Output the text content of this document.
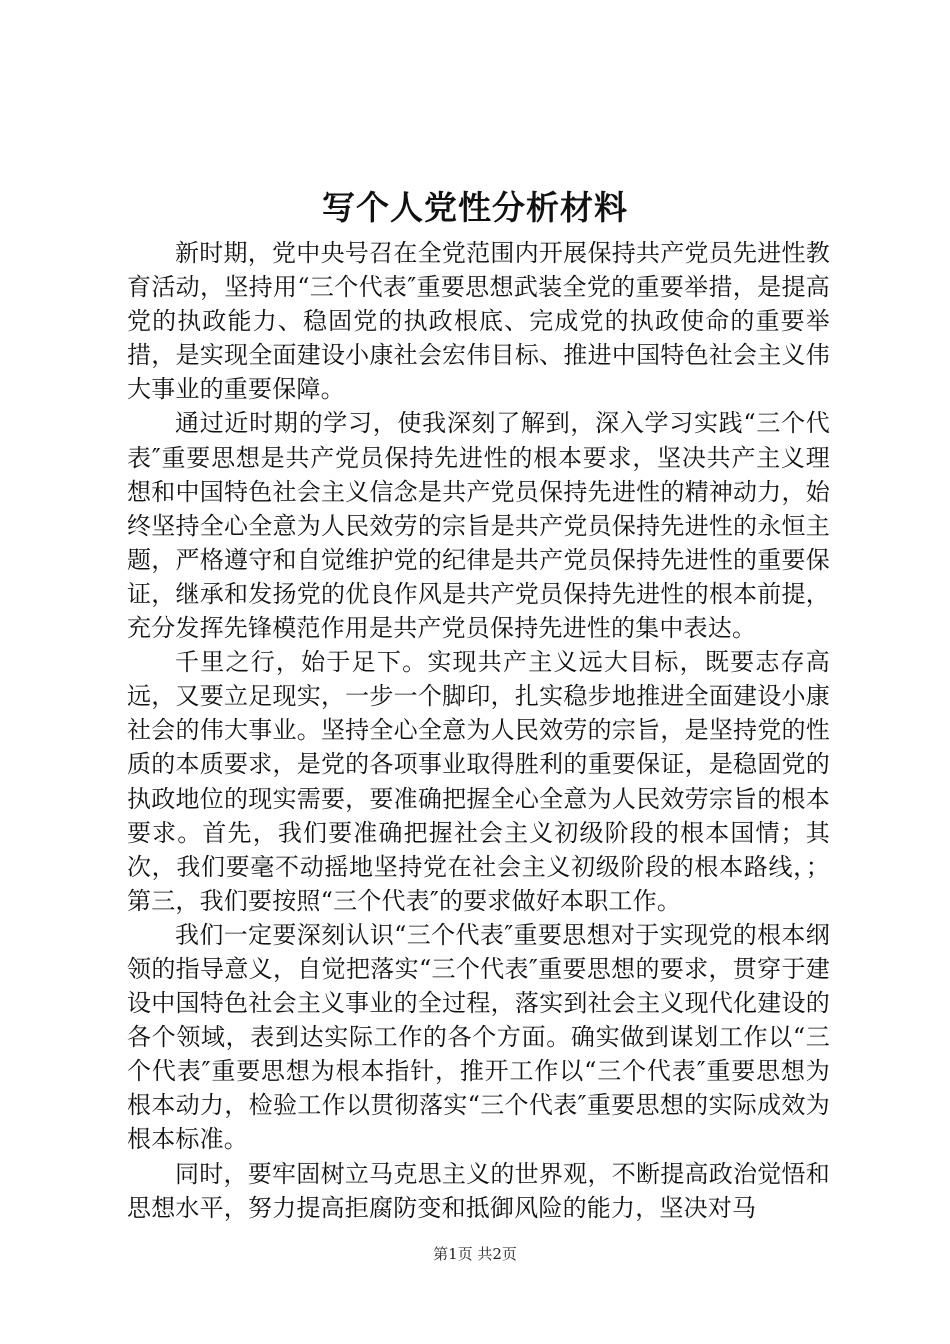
写个人党性分析材料

新时期，党中央号召在全党范围内开展保持共产党员先进性教育活动，坚持用“三个代表″重要思想武装全党的重要举措，是提高党的执政能力、稳固党的执政根底、完成党的执政使命的重要举措，是实现全面建设小康社会宏伟目标、推进中国特色社会主义伟大事业的重要保障。

通过近时期的学习，使我深刻了解到，深入学习实践“三个代表″重要思想是共产党员保持先进性的根本要求，坚决共产主义理想和中国特色社会主义信念是共产党员保持先进性的精神动力，始终坚持全心全意为人民效劳的宗旨是共产党员保持先进性的永恒主题，严格遵守和自觉维护党的纪律是共产党员保持先进性的重要保证，继承和发扬党的优良作风是共产党员保持先进性的根本前提，充分发挥先锋模范作用是共产党员保持先进性的集中表达。

千里之行，始于足下。实现共产主义远大目标，既要志存高远，又要立足现实，一步一个脚印，扎实稳步地推进全面建设小康社会的伟大事业。坚持全心全意为人民效劳的宗旨，是坚持党的性质的本质要求，是党的各项事业取得胜利的重要保证，是稳固党的执政地位的现实需要，要准确把握全心全意为人民效劳宗旨的根本要求。首先，我们要准确把握社会主义初级阶段的根本国情；其次，我们要毫不动摇地坚持党在社会主义初级阶段的根本路线，；第三，我们要按照“三个代表″的要求做好本职工作。

我们一定要深刻认识“三个代表″重要思想对于实现党的根本纲领的指导意义，自觉把落实“三个代表″重要思想的要求，贯穿于建设中国特色社会主义事业的全过程，落实到社会主义现代化建设的各个领域，表到达实际工作的各个方面。确实做到谋划工作以“三个代表″重要思想为根本指针，推开工作以“三个代表″重要思想为根本动力，检验工作以贯彻落实“三个代表″重要思想的实际成效为根本标准。

同时，要牢固树立马克思主义的世界观，不断提高政治觉悟和思想水平，努力提高拒腐防变和抵御风险的能力，坚决对马

第1页 共2页
